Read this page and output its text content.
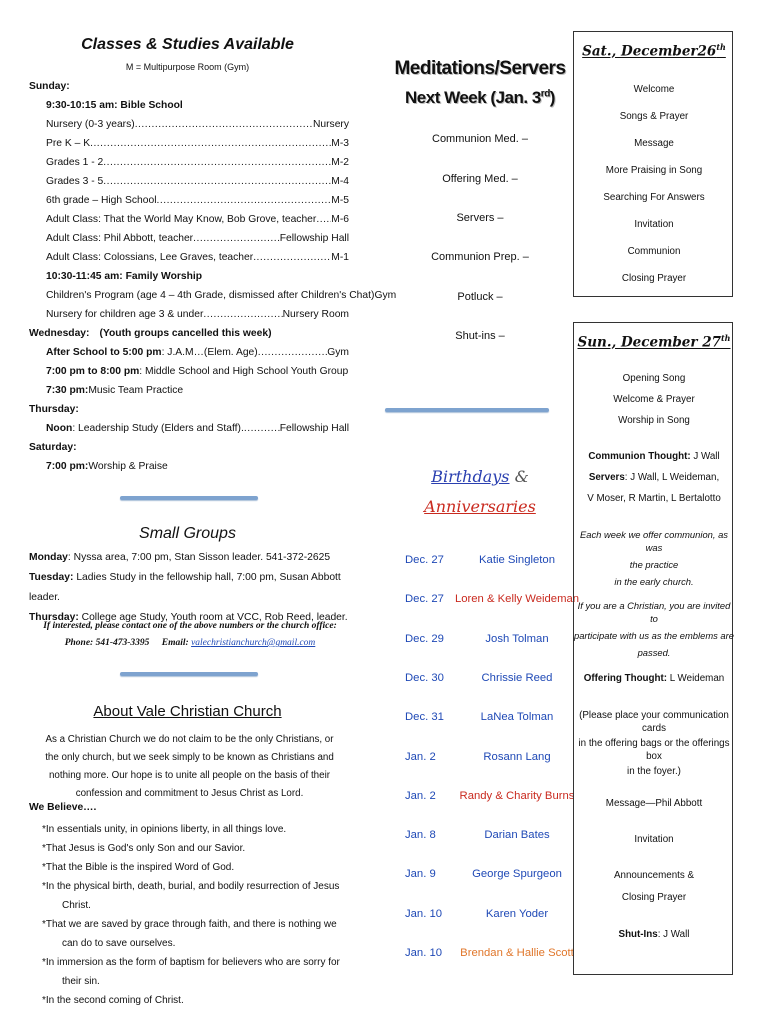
Classes & Studies Available
M = Multipurpose Room (Gym)
Sunday:
9:30-10:15 am: Bible School
Nursery (0-3 years) .....	Nursery
Pre K – K .....	M-3
Grades 1 - 2 .....	M-2
Grades 3 - 5 .....	M-4
6th grade – High School .....	M-5
Adult Class: That the World May Know, Bob Grove, teacher ..... M-6
Adult Class: Phil Abbott, teacher .....	Fellowship Hall
Adult Class: Colossians, Lee Graves, teacher .....	M-1
10:30-11:45 am: Family Worship
Children's Program (age 4 – 4th Grade, dismissed after Children's Chat) Gym
Nursery for children age 3 & under .....	Nursery Room
Wednesday: (Youth groups cancelled this week)
After School to 5:00 pm : J.A.M…(Elem. Age) .....	Gym
7:00 pm to 8:00 pm : Middle School and High School Youth Group
7:30 pm: Music Team Practice
Thursday:
Noon : Leadership Study (Elders and Staff). .....	Fellowship Hall
Saturday:
7:00 pm: Worship & Praise
Small Groups
Monday: Nyssa area, 7:00 pm, Stan Sisson leader. 541-372-2625
Tuesday: Ladies Study in the fellowship hall, 7:00 pm, Susan Abbott leader.
Thursday: College age Study, Youth room at VCC, Rob Reed, leader.
If interested, please contact one of the above numbers or the church office:
Phone: 541-473-3395 Email: valechristianchurch@gmail.com
About Vale Christian Church
As a Christian Church we do not claim to be the only Christians, or the only church, but we seek simply to be known as Christians and nothing more. Our hope is to unite all people on the basis of their confession and commitment to Jesus Christ as Lord.
We Believe….
*In essentials unity, in opinions liberty, in all things love.
*That Jesus is God's only Son and our Savior.
*That the Bible is the inspired Word of God.
*In the physical birth, death, burial, and bodily resurrection of Jesus Christ.
*That we are saved by grace through faith, and there is nothing we can do to save ourselves.
*In immersion as the form of baptism for believers who are sorry for their sin.
*In the second coming of Christ.
Meditations/Servers
Next Week (Jan. 3rd)
Communion Med. –
Offering Med. –
Servers –
Communion Prep. –
Potluck –
Shut-ins –
Birthdays &
Anniversaries
Dec. 27	Katie Singleton
Dec. 27 Loren & Kelly Weideman
Dec. 29	Josh Tolman
Dec. 30	Chrissie Reed
Dec. 31	LaNea Tolman
Jan. 2	Rosann Lang
Jan. 2	Randy & Charity Burns
Jan. 8	Darian Bates
Jan. 9	George Spurgeon
Jan. 10	Karen Yoder
Jan. 10	Brendan & Hallie Scott
Sat., December26th
Welcome
Songs & Prayer
Message
More Praising in Song
Searching For Answers
Invitation
Communion
Closing Prayer
Sun., December 27th
Opening Song
Welcome & Prayer
Worship in Song
Communion Thought: J Wall
Servers: J Wall, L Weideman,
V Moser, R Martin, L Bertalotto
Each week we offer communion, as was
the practice
in the early church.
If you are a Christian, you are invited to
participate with us as the emblems are
passed.
Offering Thought: L Weideman
(Please place your communication cards
in the offering bags or the offerings box
in the foyer.)
Message—Phil Abbott
Invitation
Announcements &
Closing Prayer
Shut-Ins: J Wall
